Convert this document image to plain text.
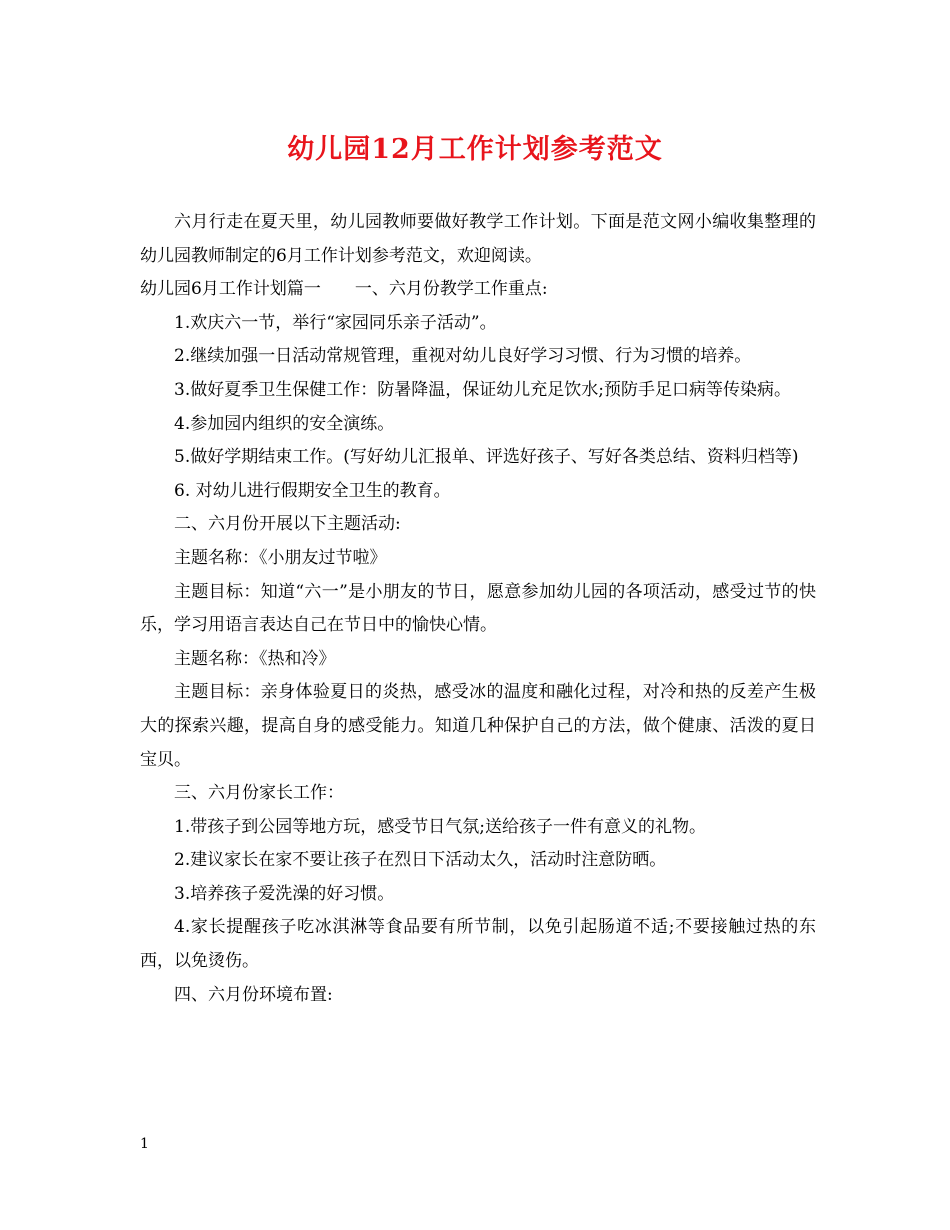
幼儿园12月工作计划参考范文

六月行走在夏天里，幼儿园教师要做好教学工作计划。下面是范文网小编收集整理的幼儿园教师制定的6月工作计划参考范文，欢迎阅读。

幼儿园6月工作计划篇一　　一、六月份教学工作重点:

1.欢庆六一节，举行“家园同乐亲子活动”。

2.继续加强一日活动常规管理，重视对幼儿良好学习习惯、行为习惯的培养。

3.做好夏季卫生保健工作：防暑降温，保证幼儿充足饮水;预防手足口病等传染病。

4.参加园内组织的安全演练。

5.做好学期结束工作。(写好幼儿汇报单、评选好孩子、写好各类总结、资料归档等)

6. 对幼儿进行假期安全卫生的教育。

二、六月份开展以下主题活动:

主题名称：《小朋友过节啦》

主题目标：知道“六一”是小朋友的节日，愿意参加幼儿园的各项活动，感受过节的快乐，学习用语言表达自己在节日中的愉快心情。

主题名称：《热和冷》

主题目标：亲身体验夏日的炎热，感受冰的温度和融化过程，对冷和热的反差产生极大的探索兴趣，提高自身的感受能力。知道几种保护自己的方法，做个健康、活泼的夏日宝贝。

三、六月份家长工作：

1.带孩子到公园等地方玩，感受节日气氛;送给孩子一件有意义的礼物。

2.建议家长在家不要让孩子在烈日下活动太久，活动时注意防晒。

3.培养孩子爱洗澡的好习惯。

4.家长提醒孩子吃冰淇淋等食品要有所节制，以免引起肠道不适;不要接触过热的东西，以免烫伤。

四、六月份环境布置:

1
